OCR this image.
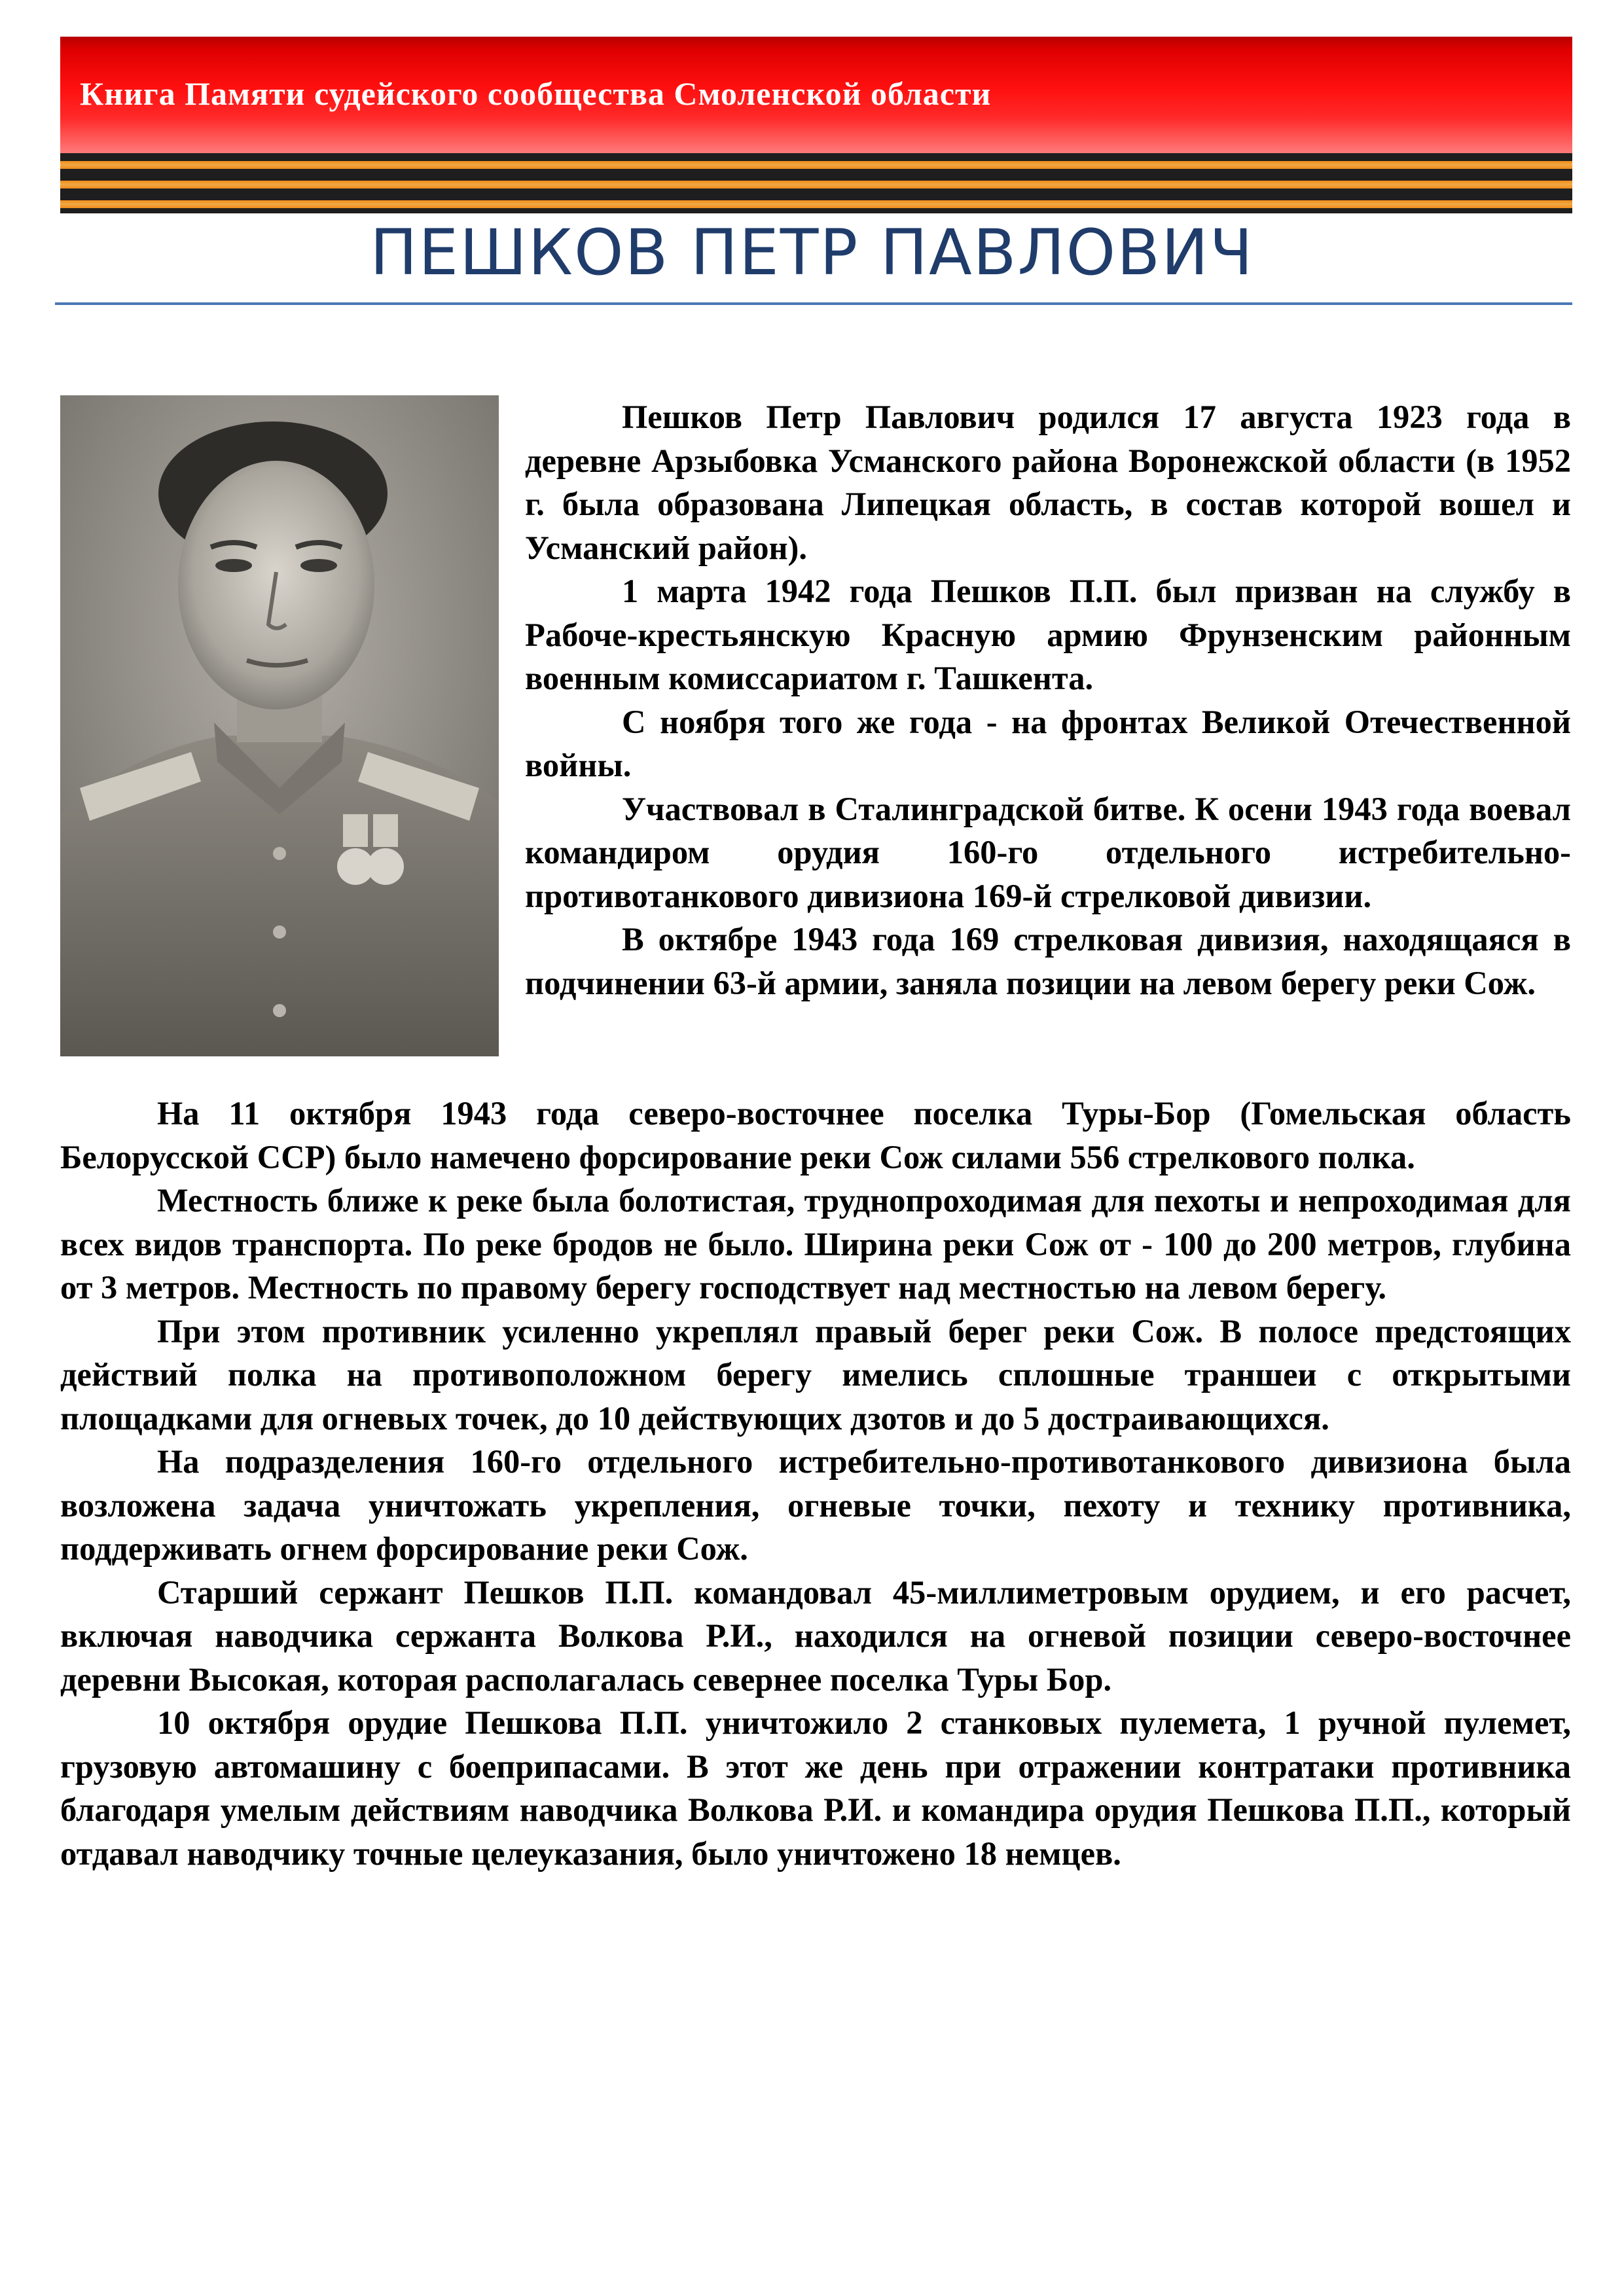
Книга Памяти судейского сообщества Смоленской области
ПЕШКОВ ПЕТР ПАВЛОВИЧ

Пешков Петр Павлович родился 17 августа 1923 года в деревне Арзыбовка Усманского района Воронежской области (в 1952 г. была образована Липецкая область, в состав которой вошел и Усманский район).

1 марта 1942 года Пешков П.П. был призван на службу в Рабоче-крестьянскую Красную армию Фрунзенским районным военным комиссариатом г. Ташкента.

С ноября того же года - на фронтах Великой Отечественной войны.

Участвовал в Сталинградской битве. К осени 1943 года воевал командиром орудия 160-го отдельного истребительно-противотанкового дивизиона 169-й стрелковой дивизии.

В октябре 1943 года 169 стрелковая дивизия, находящаяся в подчинении 63-й армии, заняла позиции на левом берегу реки Сож.

На 11 октября 1943 года северо-восточнее поселка Туры-Бор (Гомельская область Белорусской ССР) было намечено форсирование реки Сож силами 556 стрелкового полка.

Местность ближе к реке была болотистая, труднопроходимая для пехоты и непроходимая для всех видов транспорта. По реке бродов не было. Ширина реки Сож от - 100 до 200 метров, глубина от 3 метров. Местность по правому берегу господствует над местностью на левом берегу.

При этом противник усиленно укреплял правый берег реки Сож. В полосе предстоящих действий полка на противоположном берегу имелись сплошные траншеи с открытыми площадками для огневых точек, до 10 действующих дзотов и до 5 достраивающихся.

На подразделения 160-го отдельного истребительно-противотанкового дивизиона была возложена задача уничтожать укрепления, огневые точки, пехоту и технику противника, поддерживать огнем форсирование реки Сож.

Старший сержант Пешков П.П. командовал 45-миллиметровым орудием, и его расчет, включая наводчика сержанта Волкова Р.И., находился на огневой позиции северо-восточнее деревни Высокая, которая располагалась севернее поселка Туры Бор.

10 октября орудие Пешкова П.П. уничтожило 2 станковых пулемета, 1 ручной пулемет, грузовую автомашину с боеприпасами. В этот же день при отражении контратаки противника благодаря умелым действиям наводчика Волкова Р.И. и командира орудия Пешкова П.П., который отдавал наводчику точные целеуказания, было уничтожено 18 немцев.
